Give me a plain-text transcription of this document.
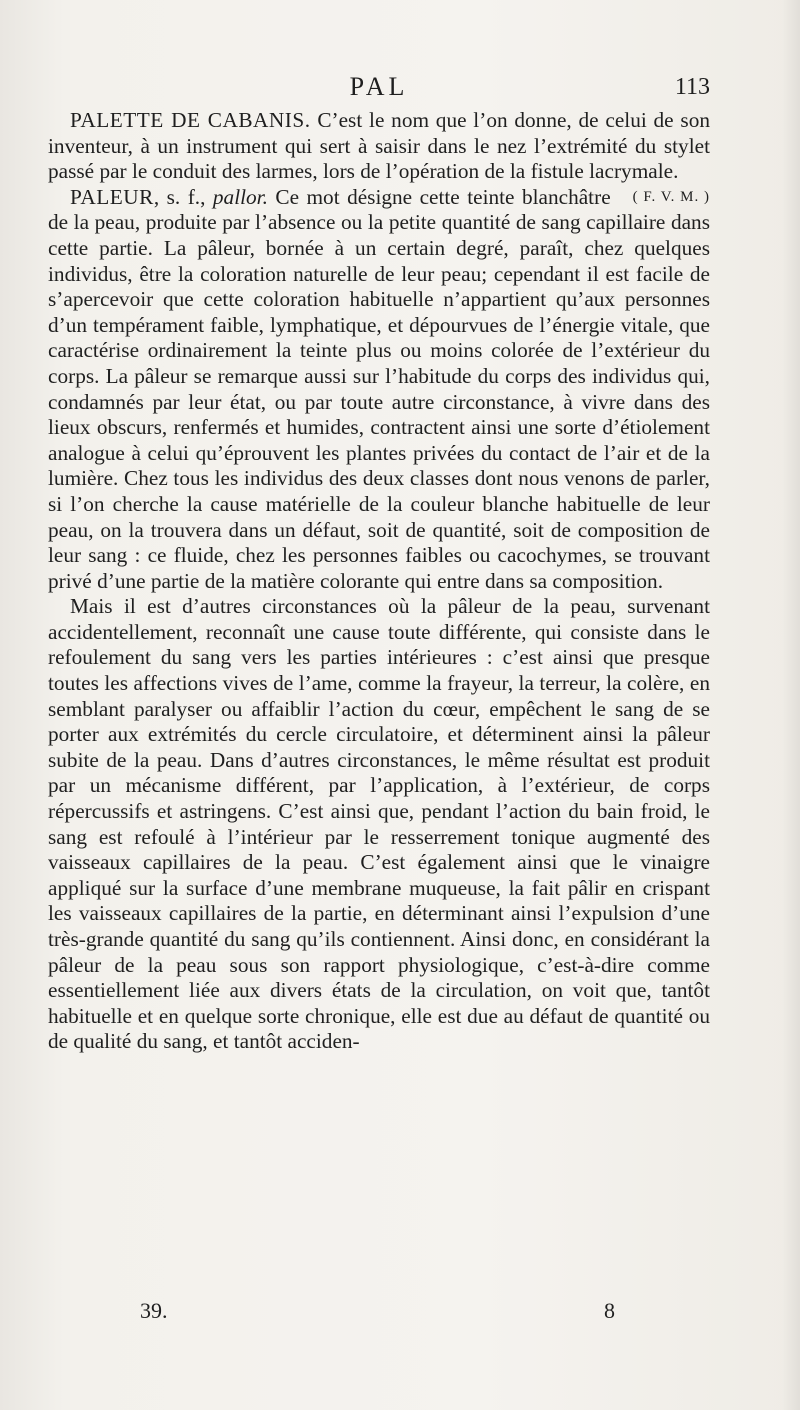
PAL	113

PALETTE DE CABANIS. C’est le nom que l’on donne, de celui de son inventeur, à un instrument qui sert à saisir dans le nez l’extrémité du stylet passé par le conduit des larmes, lors de l’opération de la fistule lacrymale.
( F. V. M. )

PALEUR, s. f., pallor. Ce mot désigne cette teinte blanchâtre de la peau, produite par l’absence ou la petite quantité de sang capillaire dans cette partie. La pâleur, bornée à un certain degré, paraît, chez quelques individus, être la coloration naturelle de leur peau; cependant il est facile de s’apercevoir que cette coloration habituelle n’appartient qu’aux personnes d’un tempérament faible, lymphatique, et dépourvues de l’énergie vitale, que caractérise ordinairement la teinte plus ou moins colorée de l’extérieur du corps. La pâleur se remarque aussi sur l’habitude du corps des individus qui, condamnés par leur état, ou par toute autre circonstance, à vivre dans des lieux obscurs, renfermés et humides, contractent ainsi une sorte d’étiolement analogue à celui qu’éprouvent les plantes privées du contact de l’air et de la lumière. Chez tous les individus des deux classes dont nous venons de parler, si l’on cherche la cause matérielle de la couleur blanche habituelle de leur peau, on la trouvera dans un défaut, soit de quantité, soit de composition de leur sang : ce fluide, chez les personnes faibles ou cacochymes, se trouvant privé d’une partie de la matière colorante qui entre dans sa composition.

Mais il est d’autres circonstances où la pâleur de la peau, survenant accidentellement, reconnaît une cause toute différente, qui consiste dans le refoulement du sang vers les parties intérieures : c’est ainsi que presque toutes les affections vives de l’ame, comme la frayeur, la terreur, la colère, en semblant paralyser ou affaiblir l’action du cœur, empêchent le sang de se porter aux extrémités du cercle circulatoire, et déterminent ainsi la pâleur subite de la peau. Dans d’autres circonstances, le même résultat est produit par un mécanisme différent, par l’application, à l’extérieur, de corps répercussifs et astringens. C’est ainsi que, pendant l’action du bain froid, le sang est refoulé à l’intérieur par le resserrement tonique augmenté des vaisseaux capillaires de la peau. C’est également ainsi que le vinaigre appliqué sur la surface d’une membrane muqueuse, la fait pâlir en crispant les vaisseaux capillaires de la partie, en déterminant ainsi l’expulsion d’une très-grande quantité du sang qu’ils contiennent. Ainsi donc, en considérant la pâleur de la peau sous son rapport physiologique, c’est-à-dire comme essentiellement liée aux divers états de la circulation, on voit que, tantôt habituelle et en quelque sorte chronique, elle est due au défaut de quantité ou de qualité du sang, et tantôt acciden-

39.	8
